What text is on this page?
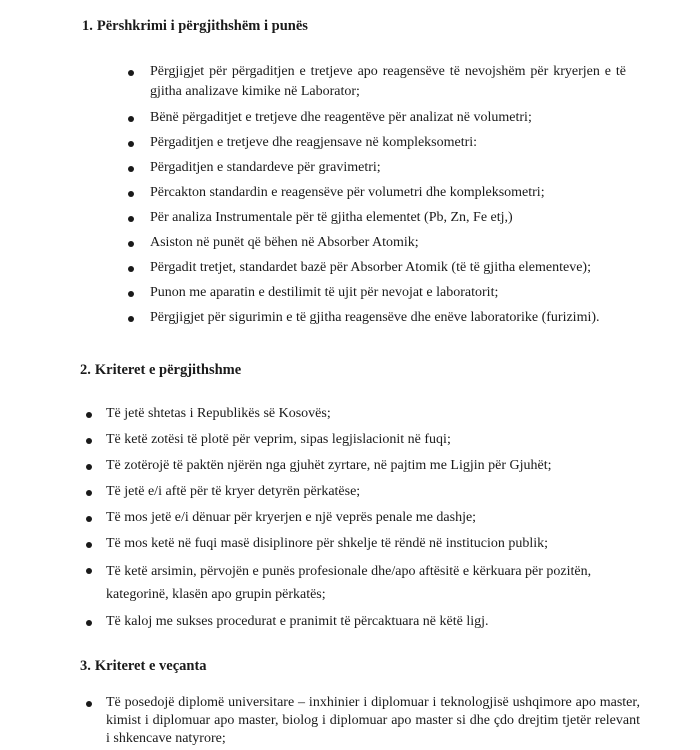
1. Përshkrimi i përgjithshëm i punës
Përgjigjet për përgaditjen e tretjeve apo reagensëve të nevojshëm për kryerjen e të gjitha analizave kimike në Laborator;
Bënë përgaditjet e tretjeve dhe reagentëve për analizat në volumetri;
Përgaditjen e tretjeve dhe reagjensave në kompleksometri:
Përgaditjen e standardeve për gravimetri;
Përcakton standardin e reagensëve për volumetri dhe kompleksometri;
Për analiza Instrumentale për të gjitha elementet (Pb, Zn, Fe etj,)
Asiston në punët që bëhen në Absorber Atomik;
Përgadit tretjet, standardet bazë për Absorber Atomik (të të gjitha elementeve);
Punon me aparatin e destilimit të ujit për nevojat e laboratorit;
Përgjigjet për sigurimin e të gjitha reagensëve dhe enëve laboratorike (furizimi).
2. Kriteret e përgjithshme
Të jetë shtetas i Republikës së Kosovës;
Të ketë zotësi të plotë për veprim, sipas legjislacionit në fuqi;
Të zotërojë të paktën njërën nga gjuhët zyrtare, në pajtim me Ligjin për Gjuhët;
Të jetë e/i aftë për të kryer detyrën përkatëse;
Të mos jetë e/i dënuar për kryerjen e një veprës penale me dashje;
Të mos ketë në fuqi masë disiplinore për shkelje të rëndë në institucion publik;
Të ketë arsimin, përvojën e punës profesionale dhe/apo aftësitë e kërkuara për pozitën, kategorinë, klasën apo grupin përkatës;
Të kaloj me sukses procedurat e pranimit të përcaktuara në këtë ligj.
3. Kriteret e veçanta
Të posedojë diplomë universitare – inxhinier i diplomuar i teknologjisë ushqimore apo master, kimist i diplomuar apo master, biolog i diplomuar apo master si dhe çdo drejtim tjetër relevant i shkencave natyrore;
